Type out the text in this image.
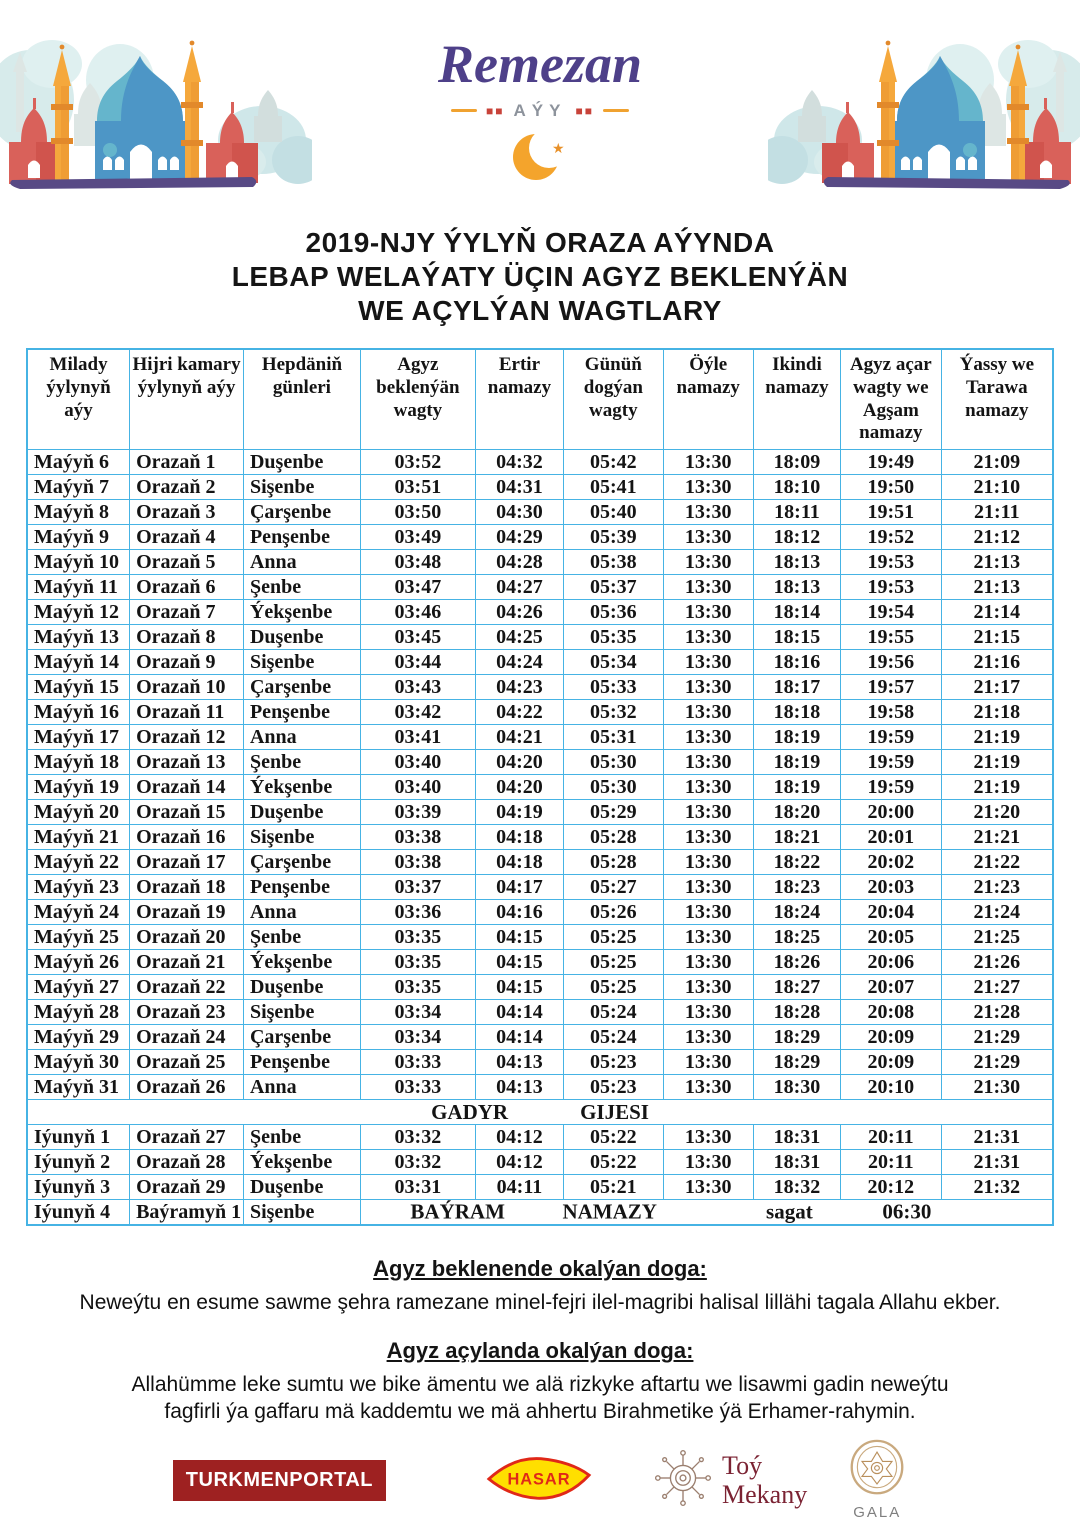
Remezan
■■ AÝY ■■
★
2019-NJY ÝYLYŇ ORAZA AÝYNDA
LEBAP WELAÝATY ÜÇIN AGYZ BEKLENÝÄN
WE AÇYLÝAN WAGTLARY
Milady ýylynyň aýy	Hijri kamary ýylynyň aýy	Hepdäniň günleri	Agyz beklenýän wagty	Ertir namazy	Günüň dogýan wagty	Öýle namazy	Ikindi namazy	Agyz açar wagty we Agşam namazy	Ýassy we Tarawa namazy
Maýyň 6	Orazaň 1	Duşenbe	03:52	04:32	05:42	13:30	18:09	19:49	21:09
Maýyň 7	Orazaň 2	Sişenbe	03:51	04:31	05:41	13:30	18:10	19:50	21:10
Maýyň 8	Orazaň 3	Çarşenbe	03:50	04:30	05:40	13:30	18:11	19:51	21:11
Maýyň 9	Orazaň 4	Penşenbe	03:49	04:29	05:39	13:30	18:12	19:52	21:12
Maýyň 10	Orazaň 5	Anna	03:48	04:28	05:38	13:30	18:13	19:53	21:13
Maýyň 11	Orazaň 6	Şenbe	03:47	04:27	05:37	13:30	18:13	19:53	21:13
Maýyň 12	Orazaň 7	Ýekşenbe	03:46	04:26	05:36	13:30	18:14	19:54	21:14
Maýyň 13	Orazaň 8	Duşenbe	03:45	04:25	05:35	13:30	18:15	19:55	21:15
Maýyň 14	Orazaň 9	Sişenbe	03:44	04:24	05:34	13:30	18:16	19:56	21:16
Maýyň 15	Orazaň 10	Çarşenbe	03:43	04:23	05:33	13:30	18:17	19:57	21:17
Maýyň 16	Orazaň 11	Penşenbe	03:42	04:22	05:32	13:30	18:18	19:58	21:18
Maýyň 17	Orazaň 12	Anna	03:41	04:21	05:31	13:30	18:19	19:59	21:19
Maýyň 18	Orazaň 13	Şenbe	03:40	04:20	05:30	13:30	18:19	19:59	21:19
Maýyň 19	Orazaň 14	Ýekşenbe	03:40	04:20	05:30	13:30	18:19	19:59	21:19
Maýyň 20	Orazaň 15	Duşenbe	03:39	04:19	05:29	13:30	18:20	20:00	21:20
Maýyň 21	Orazaň 16	Sişenbe	03:38	04:18	05:28	13:30	18:21	20:01	21:21
Maýyň 22	Orazaň 17	Çarşenbe	03:38	04:18	05:28	13:30	18:22	20:02	21:22
Maýyň 23	Orazaň 18	Penşenbe	03:37	04:17	05:27	13:30	18:23	20:03	21:23
Maýyň 24	Orazaň 19	Anna	03:36	04:16	05:26	13:30	18:24	20:04	21:24
Maýyň 25	Orazaň 20	Şenbe	03:35	04:15	05:25	13:30	18:25	20:05	21:25
Maýyň 26	Orazaň 21	Ýekşenbe	03:35	04:15	05:25	13:30	18:26	20:06	21:26
Maýyň 27	Orazaň 22	Duşenbe	03:35	04:15	05:25	13:30	18:27	20:07	21:27
Maýyň 28	Orazaň 23	Sişenbe	03:34	04:14	05:24	13:30	18:28	20:08	21:28
Maýyň 29	Orazaň 24	Çarşenbe	03:34	04:14	05:24	13:30	18:29	20:09	21:29
Maýyň 30	Orazaň 25	Penşenbe	03:33	04:13	05:23	13:30	18:29	20:09	21:29
Maýyň 31	Orazaň 26	Anna	03:33	04:13	05:23	13:30	18:30	20:10	21:30
GADYR GIJESI									
Iýunyň 1	Orazaň 27	Şenbe	03:32	04:12	05:22	13:30	18:31	20:11	21:31
Iýunyň 2	Orazaň 28	Ýekşenbe	03:32	04:12	05:22	13:30	18:31	20:11	21:31
Iýunyň 3	Orazaň 29	Duşenbe	03:31	04:11	05:21	13:30	18:32	20:12	21:32
Iýunyň 4	Baýramyň 1	Sişenbe	BAÝRAM NAMAZY sagat 06:30						
Agyz beklenende okalýan doga:
Neweýtu en esume sawme şehra ramezane minel-fejri ilel-magribi halisal lillähi tagala Allahu ekber.
Agyz açylanda okalýan doga:
Allahümme leke sumtu we bike ämentu we alä rizkyke aftartu we lisawmi gadin neweýtu
fagfirli ýa gaffaru mä kaddemtu we mä ahhertu Birahmetike ýä Erhamer-rahymin.
TURKMENPORTAL	HASAR	Toý
Mekany
GALA
